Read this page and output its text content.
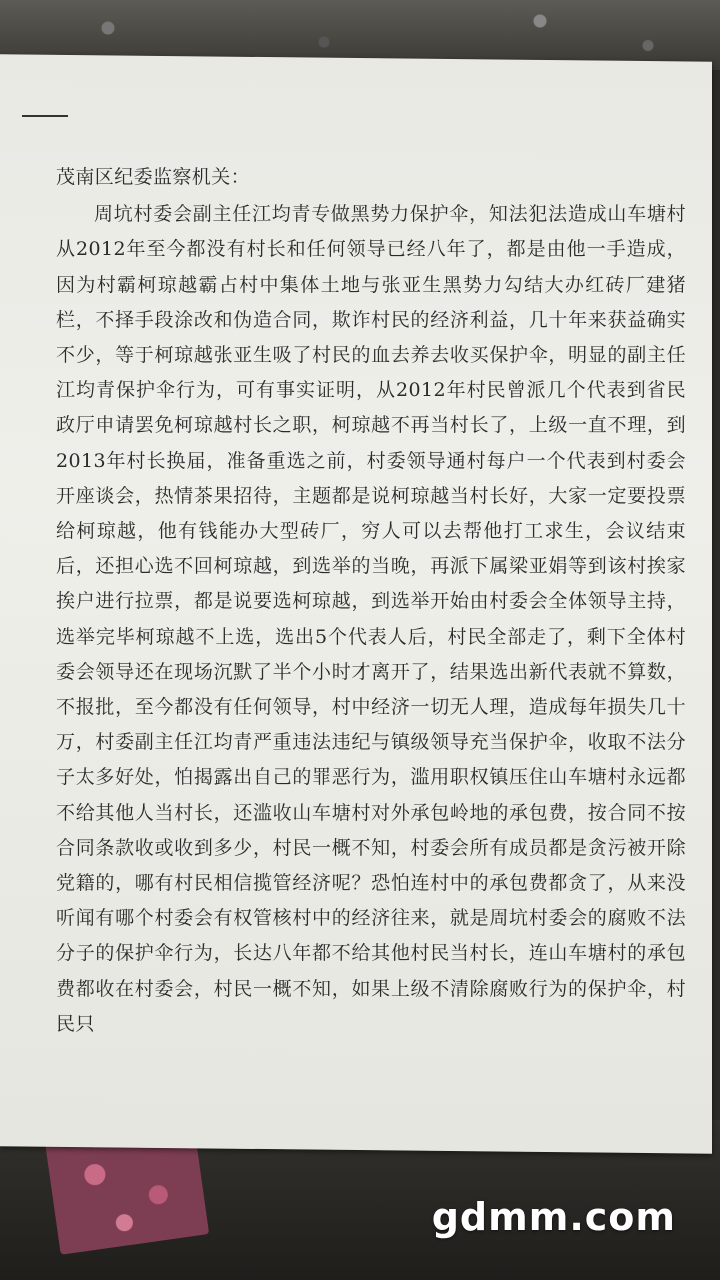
茂南区纪委监察机关：

周坑村委会副主任江均青专做黑势力保护伞，知法犯法造成山车塘村从2012年至今都没有村长和任何领导已经八年了，都是由他一手造成，因为村霸柯琼越霸占村中集体土地与张亚生黑势力勾结大办红砖厂建猪栏，不择手段涂改和伪造合同，欺诈村民的经济利益，几十年来获益确实不少，等于柯琼越张亚生吸了村民的血去养去收买保护伞，明显的副主任江均青保护伞行为，可有事实证明，从2012年村民曾派几个代表到省民政厅申请罢免柯琼越村长之职，柯琼越不再当村长了，上级一直不理，到2013年村长换届，准备重选之前，村委领导通村每户一个代表到村委会开座谈会，热情茶果招待，主题都是说柯琼越当村长好，大家一定要投票给柯琼越，他有钱能办大型砖厂，穷人可以去帮他打工求生，会议结束后，还担心选不回柯琼越，到选举的当晚，再派下属梁亚娟等到该村挨家挨户进行拉票，都是说要选柯琼越，到选举开始由村委会全体领导主持，选举完毕柯琼越不上选，选出5个代表人后，村民全部走了，剩下全体村委会领导还在现场沉默了半个小时才离开了，结果选出新代表就不算数，不报批，至今都没有任何领导，村中经济一切无人理，造成每年损失几十万，村委副主任江均青严重违法违纪与镇级领导充当保护伞，收取不法分子太多好处，怕揭露出自己的罪恶行为，滥用职权镇压住山车塘村永远都不给其他人当村长，还滥收山车塘村对外承包岭地的承包费，按合同不按合同条款收或收到多少，村民一概不知，村委会所有成员都是贪污被开除党籍的，哪有村民相信揽管经济呢？恐怕连村中的承包费都贪了，从来没听闻有哪个村委会有权管核村中的经济往来，就是周坑村委会的腐败不法分子的保护伞行为，长达八年都不给其他村民当村长，连山车塘村的承包费都收在村委会，村民一概不知，如果上级不清除腐败行为的保护伞，村民只

gdmm.com
